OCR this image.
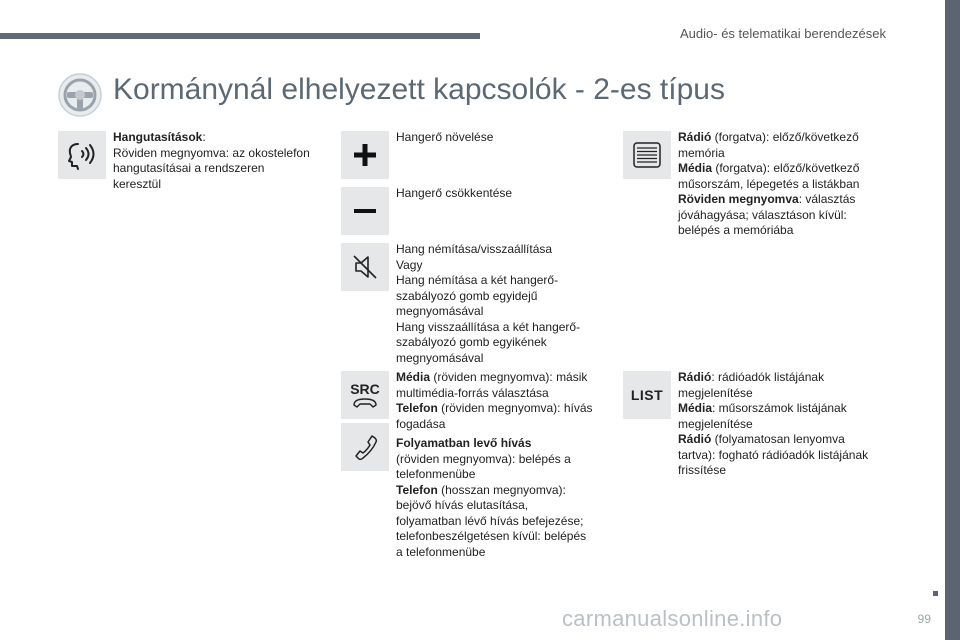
Audio- és telematikai berendezések
99
carmanualsonline.info
Kormánynál elhelyezett kapcsolók - 2-es típus
Hangutasítások:
Röviden megnyomva: az okostelefon
hangutasításai a rendszeren
keresztül
Hangerő növelése
Hangerő csökkentése
Hang némítása/visszaállítása
Vagy
Hang némítása a két hangerő-
szabályozó gomb egyidejű
megnyomásával
Hang visszaállítása a két hangerő-
szabályozó gomb egyikének
megnyomásával
SRC
Média (röviden megnyomva): másik
multimédia-forrás választása
Telefon (röviden megnyomva): hívás
fogadása
Folyamatban levő hívás
(röviden megnyomva): belépés a
telefonmenübe
Telefon (hosszan megnyomva):
bejövő hívás elutasítása,
folyamatban lévő hívás befejezése;
telefonbeszélgetésen kívül: belépés
a telefonmenübe
Rádió (forgatva): előző/következő
memória
Média (forgatva): előző/következő
műsorszám, lépegetés a listákban
Röviden megnyomva: választás
jóváhagyása; választáson kívül:
belépés a memóriába
LIST
Rádió: rádióadók listájának
megjelenítése
Média: műsorszámok listájának
megjelenítése
Rádió (folyamatosan lenyomva
tartva): fogható rádióadók listájának
frissítése
